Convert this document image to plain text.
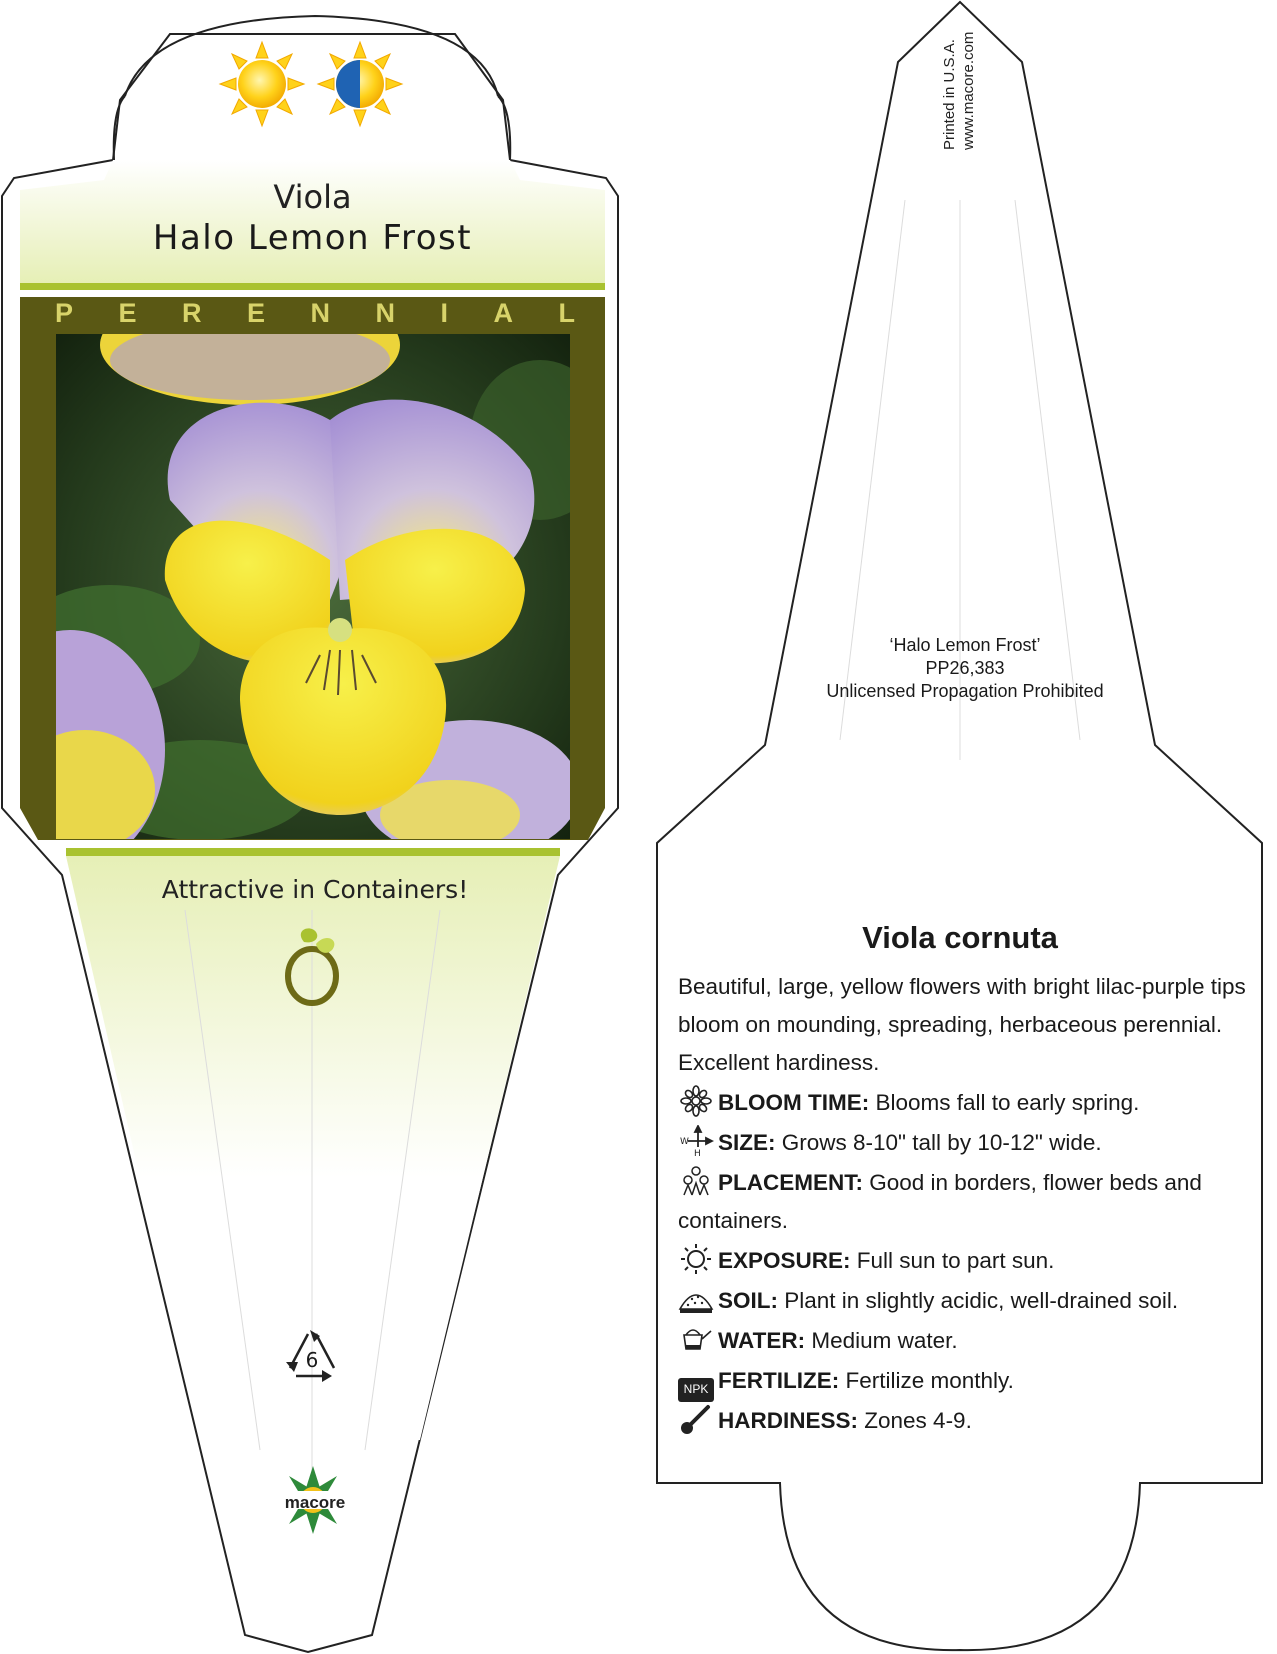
Viola
Halo Lemon Frost
P E R E N N I A L
Attractive in Containers!
6
macore
Printed in U.S.A. www.macore.com
‘Halo Lemon Frost’
PP26,383
Unlicensed Propagation Prohibited
Viola cornuta
Beautiful, large, yellow flowers with bright lilac-purple tips bloom on mounding, spreading, herbaceous perennial. Excellent hardiness.
BLOOM TIME: Blooms fall to early spring.
W
H SIZE: Grows 8-10" tall by 10-12" wide.
PLACEMENT: Good in borders, flower beds and
containers.
EXPOSURE: Full sun to part sun.
SOIL: Plant in slightly acidic, well-drained soil.
WATER: Medium water.
NPK FERTILIZE: Fertilize monthly.
HARDINESS: Zones 4-9.
